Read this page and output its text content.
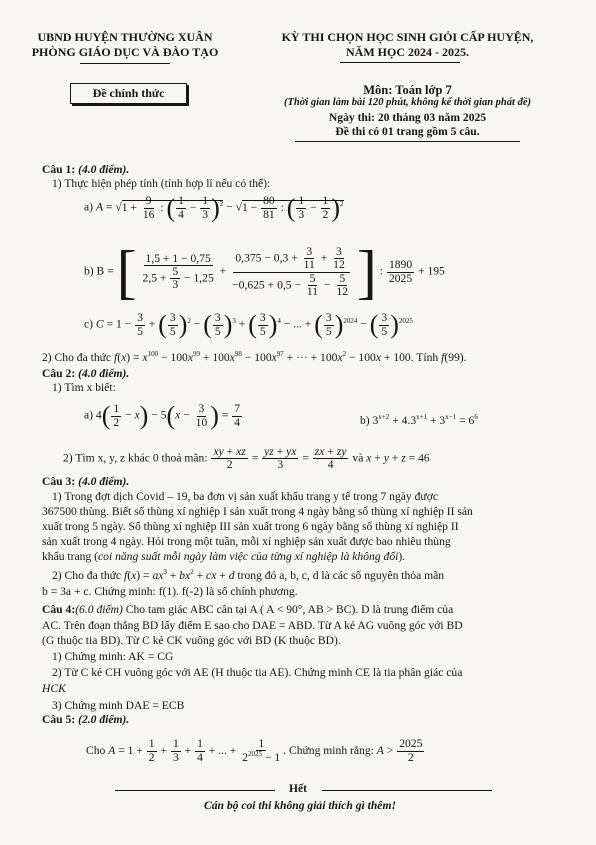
UBND HUYỆN THƯỜNG XUÂN
PHÒNG GIÁO DỤC VÀ ĐÀO TẠO
Đề chính thức
KỲ THI CHỌN HỌC SINH GIỎI CẤP HUYỆN,
NĂM HỌC 2024 - 2025.
Môn: Toán lớp 7
(Thời gian làm bài 120 phút, không kể thời gian phát đề)
Ngày thi: 20 tháng 03 năm 2025
Đề thi có 01 trang gồm 5 câu.
Câu 1: (4.0 điểm).
1) Thực hiện phép tính (tính hợp lí nếu có thể):
a) $A = √1 + \frac{9}{16}$ : ( $\frac{1}{4} - \frac{1}{3} )^2 - √1 - \frac{80}{81}$ : ( $\frac{1}{3} - \frac{1}{2} )^2$
b) B = [ $\frac{1,5 + 1 - 0,75}{2,5 + \frac{5}{3} - 1,25} + \frac{0,375 - 0,3 + \frac{3}{11} + \frac{3}{12}}{-0,625 + 0,5 - \frac{5}{11} - \frac{5}{12}}$ ] : $\frac{1890}{2025} + 195$
c) $C = 1 - \frac{3}{5}$ + ( $\frac{3}{5} )^2$ − ( $\frac{3}{5} )^3$ + ( $\frac{3}{5} )^4$ − ... + ( $\frac{3}{5} )^{2024}$ − ( $\frac{3}{5} )^{2025}$
2) Cho đa thức $f(x) = x^{100} - 100x^{99} + 100x^{98} - 100x^{97}$ + ··· + $100x^2 - 100x + 100$. Tính f(99).
Câu 2: (4.0 điểm).
1) Tìm x biết:
a) $4( \frac{1}{2} - x) - 5(x - \frac{3}{10}$ ) = $\frac{7}{4}$	b) $3^{x+2} + 4.3^{x+1} + 3^{x-1} = 6^6$
2) Tìm x, y, z khác 0 thoả mãn: $\frac{xy + xz}{2} = \frac{yz + yx}{3} = \frac{zx + zy}{4}$ và x + y + z = 46
Câu 3: (4.0 điểm).
1) Trong đợt dịch Covid – 19, ba đơn vị sản xuất khẩu trang y tế trong 7 ngày được
367500 thùng. Biết số thùng xí nghiệp I sản xuất trong 4 ngày bằng số thùng xí nghiệp II sản
xuất trong 5 ngày. Số thùng xí nghiệp III sản xuất trong 6 ngày bằng số thùng xí nghiệp II
sản xuất trong 4 ngày. Hỏi trong một tuần, mỗi xí nghiệp sản xuất được bao nhiêu thùng
khẩu trang (coi năng suất mỗi ngày làm việc của từng xí nghiệp là không đổi).
2) Cho đa thức $f(x) = ax^3 + bx^2$ + cx + d trong đó a, b, c, d là các số nguyên thỏa mãn
b = 3a + c. Chứng minh: f(1). f(-2) là số chính phương.
Câu 4:(6.0 điểm) Cho tam giác ABC cân tại A ( A < 90°, AB > BC). D là trung điểm của
AC. Trên đoạn thẳng BD lấy điểm E sao cho DAE = ABD. Từ A kẻ AG vuông góc với BD
(G thuộc tia BD). Từ C kẻ CK vuông góc với BD (K thuộc BD).
1) Chứng minh: AK = CG
2) Từ C kẻ CH vuông góc với AE (H thuộc tia AE). Chứng minh CE là tia phân giác của
HCK
3) Chứng minh DAE = ECB
Câu 5: (2.0 điểm).
Cho $A = 1 + \frac{1}{2} + \frac{1}{3} + \frac{1}{4}$ + ... + $\frac{1}{2^{2025} - 1}$ . Chứng minh rằng: $A > \frac{2025}{2}$
Hết
Cán bộ coi thi không giải thích gì thêm!
